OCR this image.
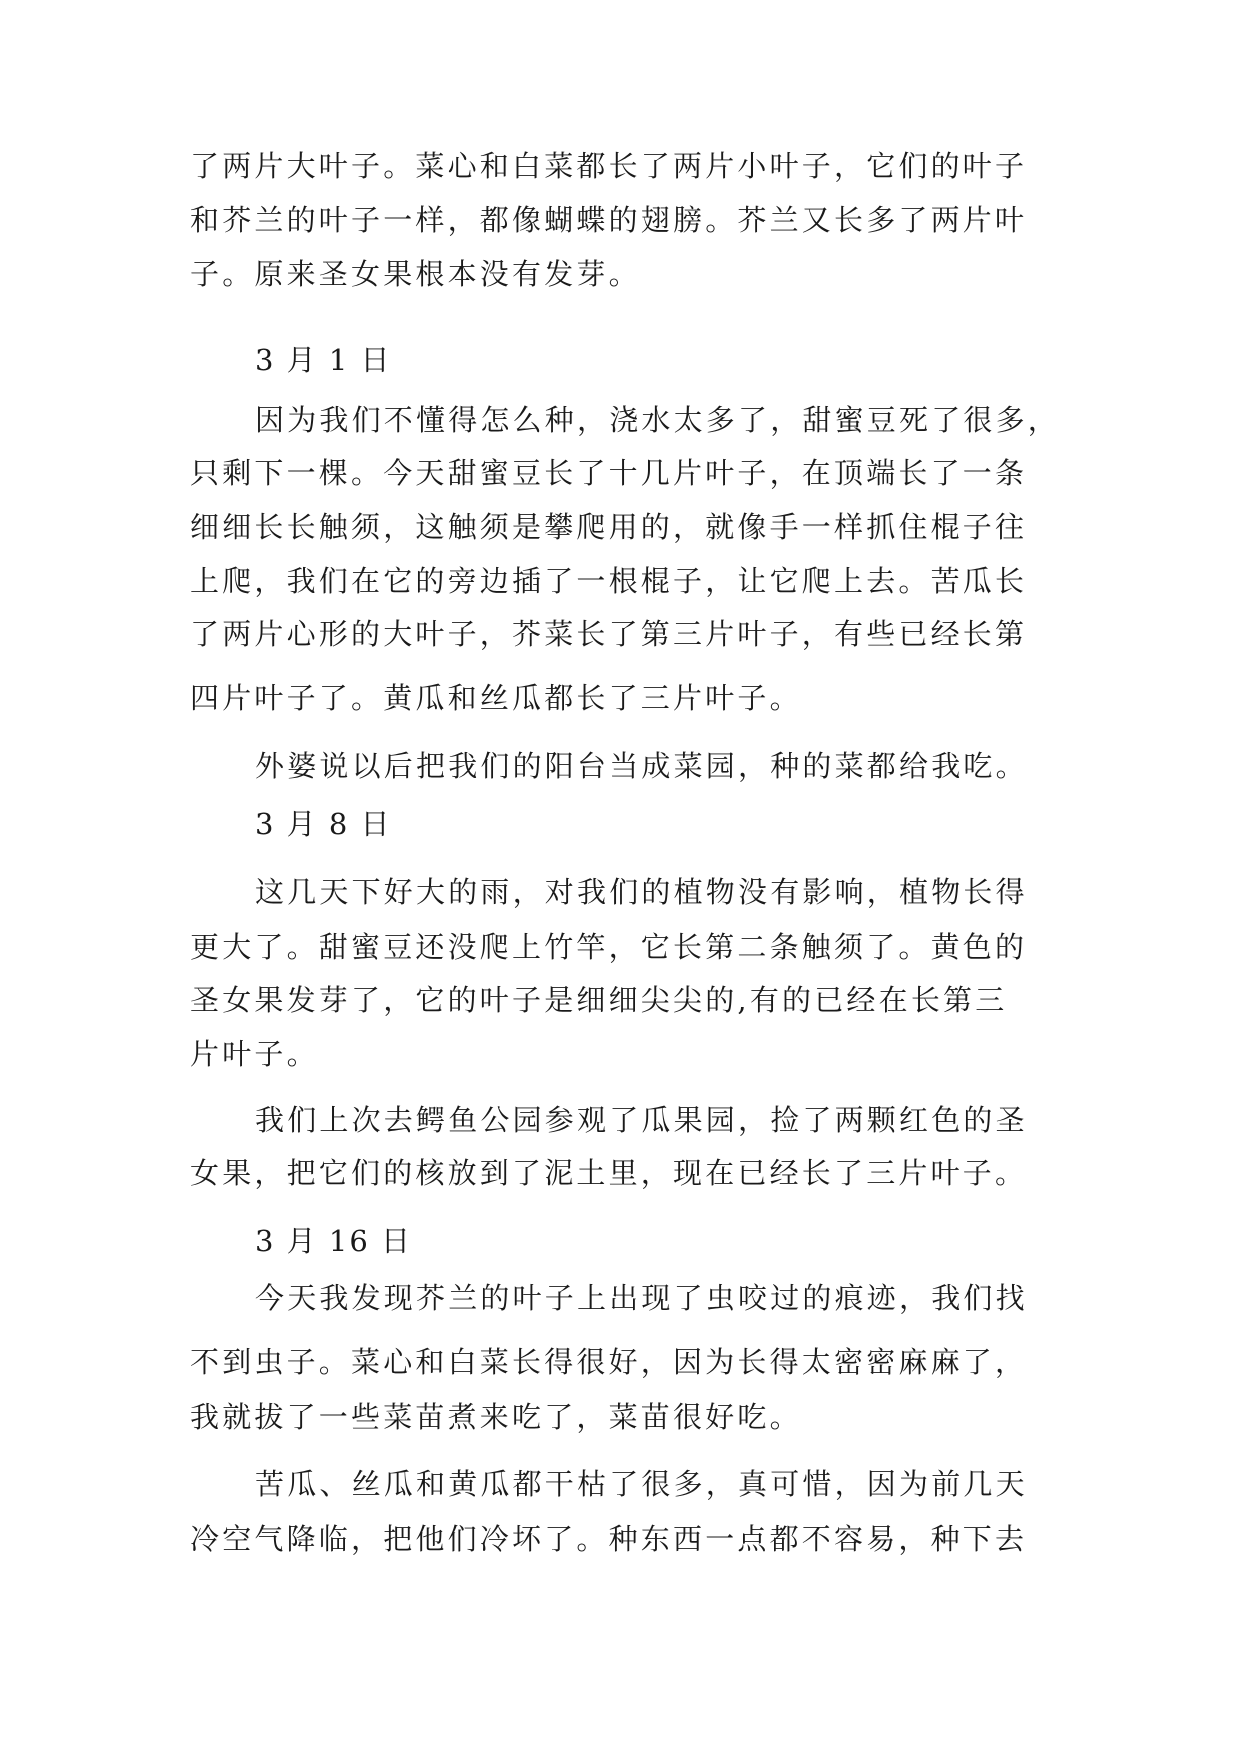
了两片大叶子。菜心和白菜都长了两片小叶子，它们的叶子
和芥兰的叶子一样，都像蝴蝶的翅膀。芥兰又长多了两片叶
子。原来圣女果根本没有发芽。
3 月 1 日
因为我们不懂得怎么种，浇水太多了，甜蜜豆死了很多，
只剩下一棵。今天甜蜜豆长了十几片叶子，在顶端长了一条
细细长长触须，这触须是攀爬用的，就像手一样抓住棍子往
上爬，我们在它的旁边插了一根棍子，让它爬上去。苦瓜长
了两片心形的大叶子，芥菜长了第三片叶子，有些已经长第
四片叶子了。黄瓜和丝瓜都长了三片叶子。
外婆说以后把我们的阳台当成菜园，种的菜都给我吃。
3 月 8 日
这几天下好大的雨，对我们的植物没有影响，植物长得
更大了。甜蜜豆还没爬上竹竿，它长第二条触须了。黄色的
圣女果发芽了，它的叶子是细细尖尖的,有的已经在长第三
片叶子。
我们上次去鳄鱼公园参观了瓜果园，捡了两颗红色的圣
女果，把它们的核放到了泥土里，现在已经长了三片叶子。
3 月 16 日
今天我发现芥兰的叶子上出现了虫咬过的痕迹，我们找
不到虫子。菜心和白菜长得很好，因为长得太密密麻麻了，
我就拔了一些菜苗煮来吃了，菜苗很好吃。
苦瓜、丝瓜和黄瓜都干枯了很多，真可惜，因为前几天
冷空气降临，把他们冷坏了。种东西一点都不容易，种下去
